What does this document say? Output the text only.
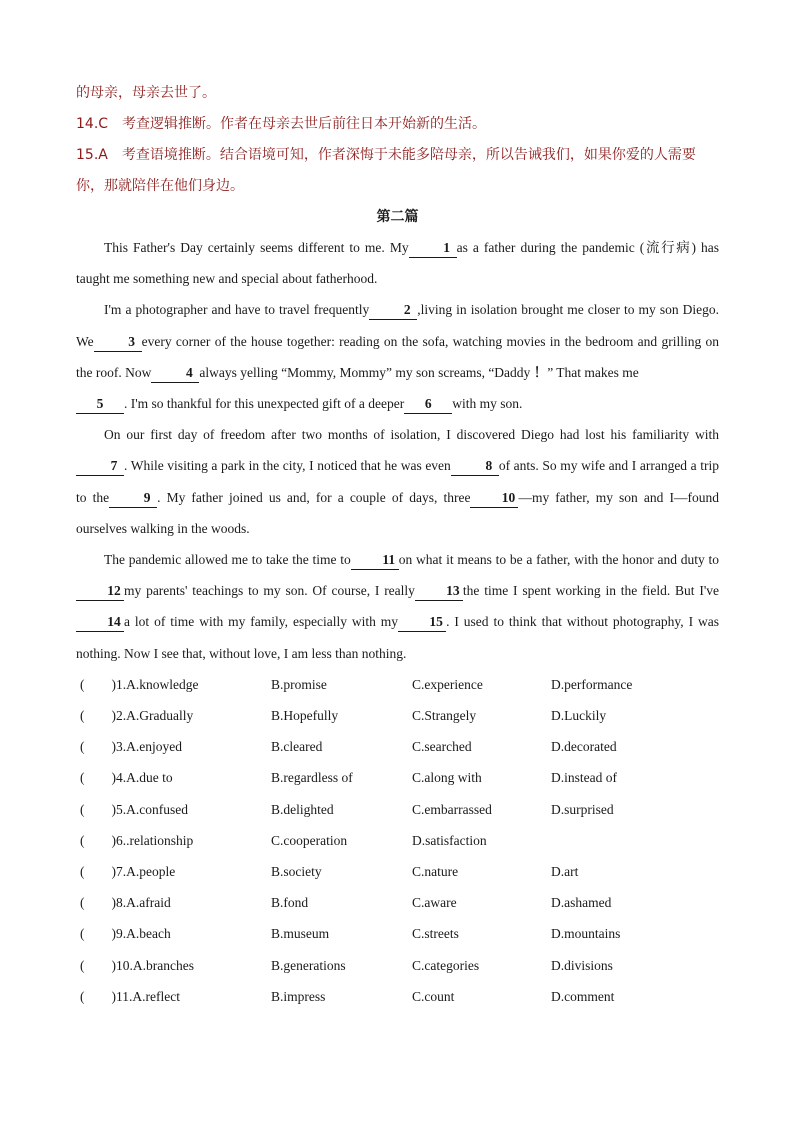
的母亲，母亲去世了。

14.C　考查逻辑推断。作者在母亲去世后前往日本开始新的生活。

15.A　考查语境推断。结合语境可知，作者深悔于未能多陪母亲，所以告诫我们，如果你爱的人需要你，那就陪伴在他们身边。

第二篇

This Father's Day certainly seems different to me. My	1 as a father during the pandemic (流行病) has taught me something new and special about fatherhood.

I'm a photographer and have to travel frequently	2 ,living in isolation brought me closer to my son Diego. We	3 every corner of the house together: reading on the sofa, watching movies in the bedroom and grilling on the roof. Now	4 always yelling “Mommy, Mommy” my son screams, “Daddy ！” That makes me

5 . I'm so thankful for this unexpected gift of a deeper 6 with my son.

On our first day of freedom after two months of isolation, I discovered Diego had lost his familiarity with 7 . While visiting a park in the city, I noticed that he was even	8 of ants. So my wife and I arranged a trip to the	9 . My father joined us and, for a couple of days, three 10 —my father, my son and I—found ourselves walking in the woods.

The pandemic allowed me to take the time to 11 on what it means to be a father, with the honor and duty to12 my parents' teachings to my son. Of course, I really 13 the time I spent working in the field. But I've14 a lot of time with my family, especially with my 15 . I used to think that without photography, I was nothing. Now I see that, without love, I am less than nothing.

(　　) 1.A.knowledge	B.promise	C.experience	D.performance
(　　) 2.A.Gradually	B.Hopefully	C.Strangely	D.Luckily
(　　) 3.A.enjoyed	B.cleared	C.searched	D.decorated
(　　) 4.A.due to	B.regardless of	C.along with	D.instead of
(　　) 5.A.confused	B.delighted	C.embarrassed	D.surprised
(　　) 6..relationship	C.cooperation	D.satisfaction
(　　) 7.A.people	B.society	C.nature	D.art
(　　) 8.A.afraid	B.fond	C.aware	D.ashamed
(　　) 9.A.beach	B.museum	C.streets	D.mountains
(　　) 10.A.branches	B.generations	C.categories	D.divisions
(　　) 11.A.reflect	B.impress	C.count	D.comment
